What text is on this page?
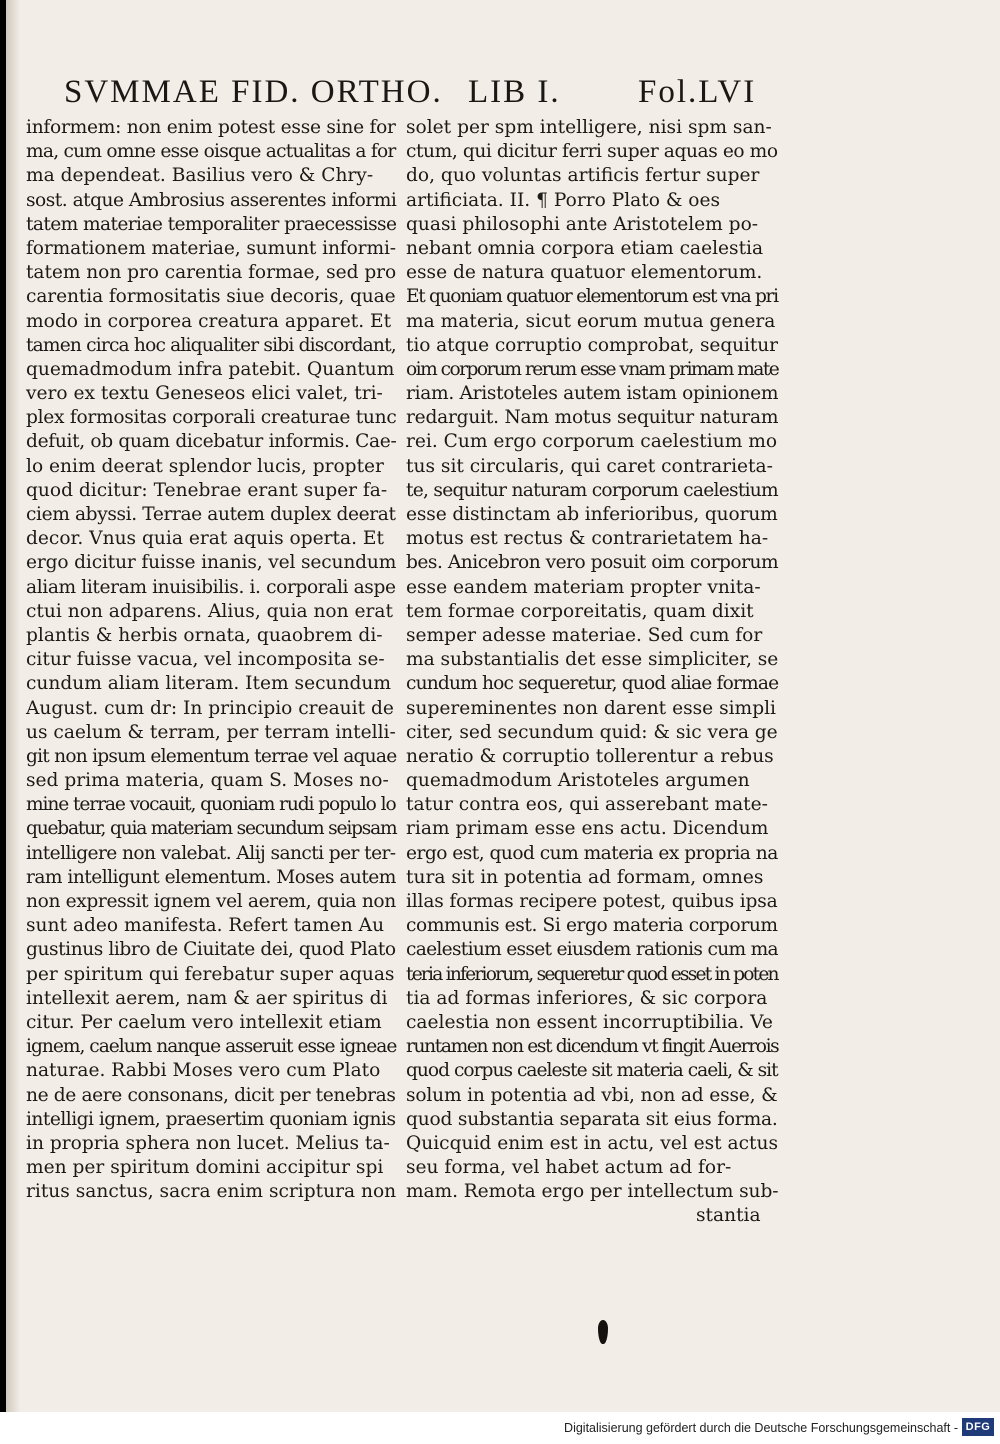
SVMMAE FID. ORTHO. LIB I. Fol.LVI
informem: non enim potest esse sine for
ma, cum omne esse oisque actualitas a for
ma dependeat. Basilius vero & Chry-
sost. atque Ambrosius asserentes informi
tatem materiae temporaliter praecessisse
formationem materiae, sumunt informi-
tatem non pro carentia formae, sed pro
carentia formositatis siue decoris, quae
modo in corporea creatura apparet. Et
tamen circa hoc aliqualiter sibi discordant,
quemadmodum infra patebit. Quantum
vero ex textu Geneseos elici valet, tri-
plex formositas corporali creaturae tunc
defuit, ob quam dicebatur informis. Cae-
lo enim deerat splendor lucis, propter
quod dicitur: Tenebrae erant super fa-
ciem abyssi. Terrae autem duplex deerat
decor. Vnus quia erat aquis operta. Et
ergo dicitur fuisse inanis, vel secundum
aliam literam inuisibilis. i. corporali aspe
ctui non adparens. Alius, quia non erat
plantis & herbis ornata, quaobrem di-
citur fuisse vacua, vel incomposita se-
cundum aliam literam. Item secundum
August. cum dr: In principio creauit de
us caelum & terram, per terram intelli-
git non ipsum elementum terrae vel aquae
sed prima materia, quam S. Moses no-
mine terrae vocauit, quoniam rudi populo lo
quebatur, quia materiam secundum seipsam
intelligere non valebat. Alij sancti per ter-
ram intelligunt elementum. Moses autem
non expressit ignem vel aerem, quia non
sunt adeo manifesta. Refert tamen Au
gustinus libro de Ciuitate dei, quod Plato
per spiritum qui ferebatur super aquas
intellexit aerem, nam & aer spiritus di
citur. Per caelum vero intellexit etiam
ignem, caelum nanque asseruit esse igneae
naturae. Rabbi Moses vero cum Plato
ne de aere consonans, dicit per tenebras
intelligi ignem, praesertim quoniam ignis
in propria sphera non lucet. Melius ta-
men per spiritum domini accipitur spi
ritus sanctus, sacra enim scriptura non
solet per spm intelligere, nisi spm san-
ctum, qui dicitur ferri super aquas eo mo
do, quo voluntas artificis fertur super
artificiata. II. ¶ Porro Plato & oes
quasi philosophi ante Aristotelem po-
nebant omnia corpora etiam caelestia
esse de natura quatuor elementorum.
Et quoniam quatuor elementorum est vna pri
ma materia, sicut eorum mutua genera
tio atque corruptio comprobat, sequitur
oim corporum rerum esse vnam primam mate
riam. Aristoteles autem istam opinionem
redarguit. Nam motus sequitur naturam
rei. Cum ergo corporum caelestium mo
tus sit circularis, qui caret contrarieta-
te, sequitur naturam corporum caelestium
esse distinctam ab inferioribus, quorum
motus est rectus & contrarietatem ha-
bes. Anicebron vero posuit oim corporum
esse eandem materiam propter vnita-
tem formae corporeitatis, quam dixit
semper adesse materiae. Sed cum for
ma substantialis det esse simpliciter, se
cundum hoc sequeretur, quod aliae formae
supereminentes non darent esse simpli
citer, sed secundum quid: & sic vera ge
neratio & corruptio tollerentur a rebus
quemadmodum Aristoteles argumen
tatur contra eos, qui asserebant mate-
riam primam esse ens actu. Dicendum
ergo est, quod cum materia ex propria na
tura sit in potentia ad formam, omnes
illas formas recipere potest, quibus ipsa
communis est. Si ergo materia corporum
caelestium esset eiusdem rationis cum ma
teria inferiorum, sequeretur quod esset in poten
tia ad formas inferiores, & sic corpora
caelestia non essent incorruptibilia. Ve
runtamen non est dicendum vt fingit Auerrois
quod corpus caeleste sit materia caeli, & sit
solum in potentia ad vbi, non ad esse, &
quod substantia separata sit eius forma.
Quicquid enim est in actu, vel est actus
seu forma, vel habet actum ad for-
mam. Remota ergo per intellectum sub-
stantia
Digitalisierung gefördert durch die Deutsche Forschungsgemeinschaft - DFG
